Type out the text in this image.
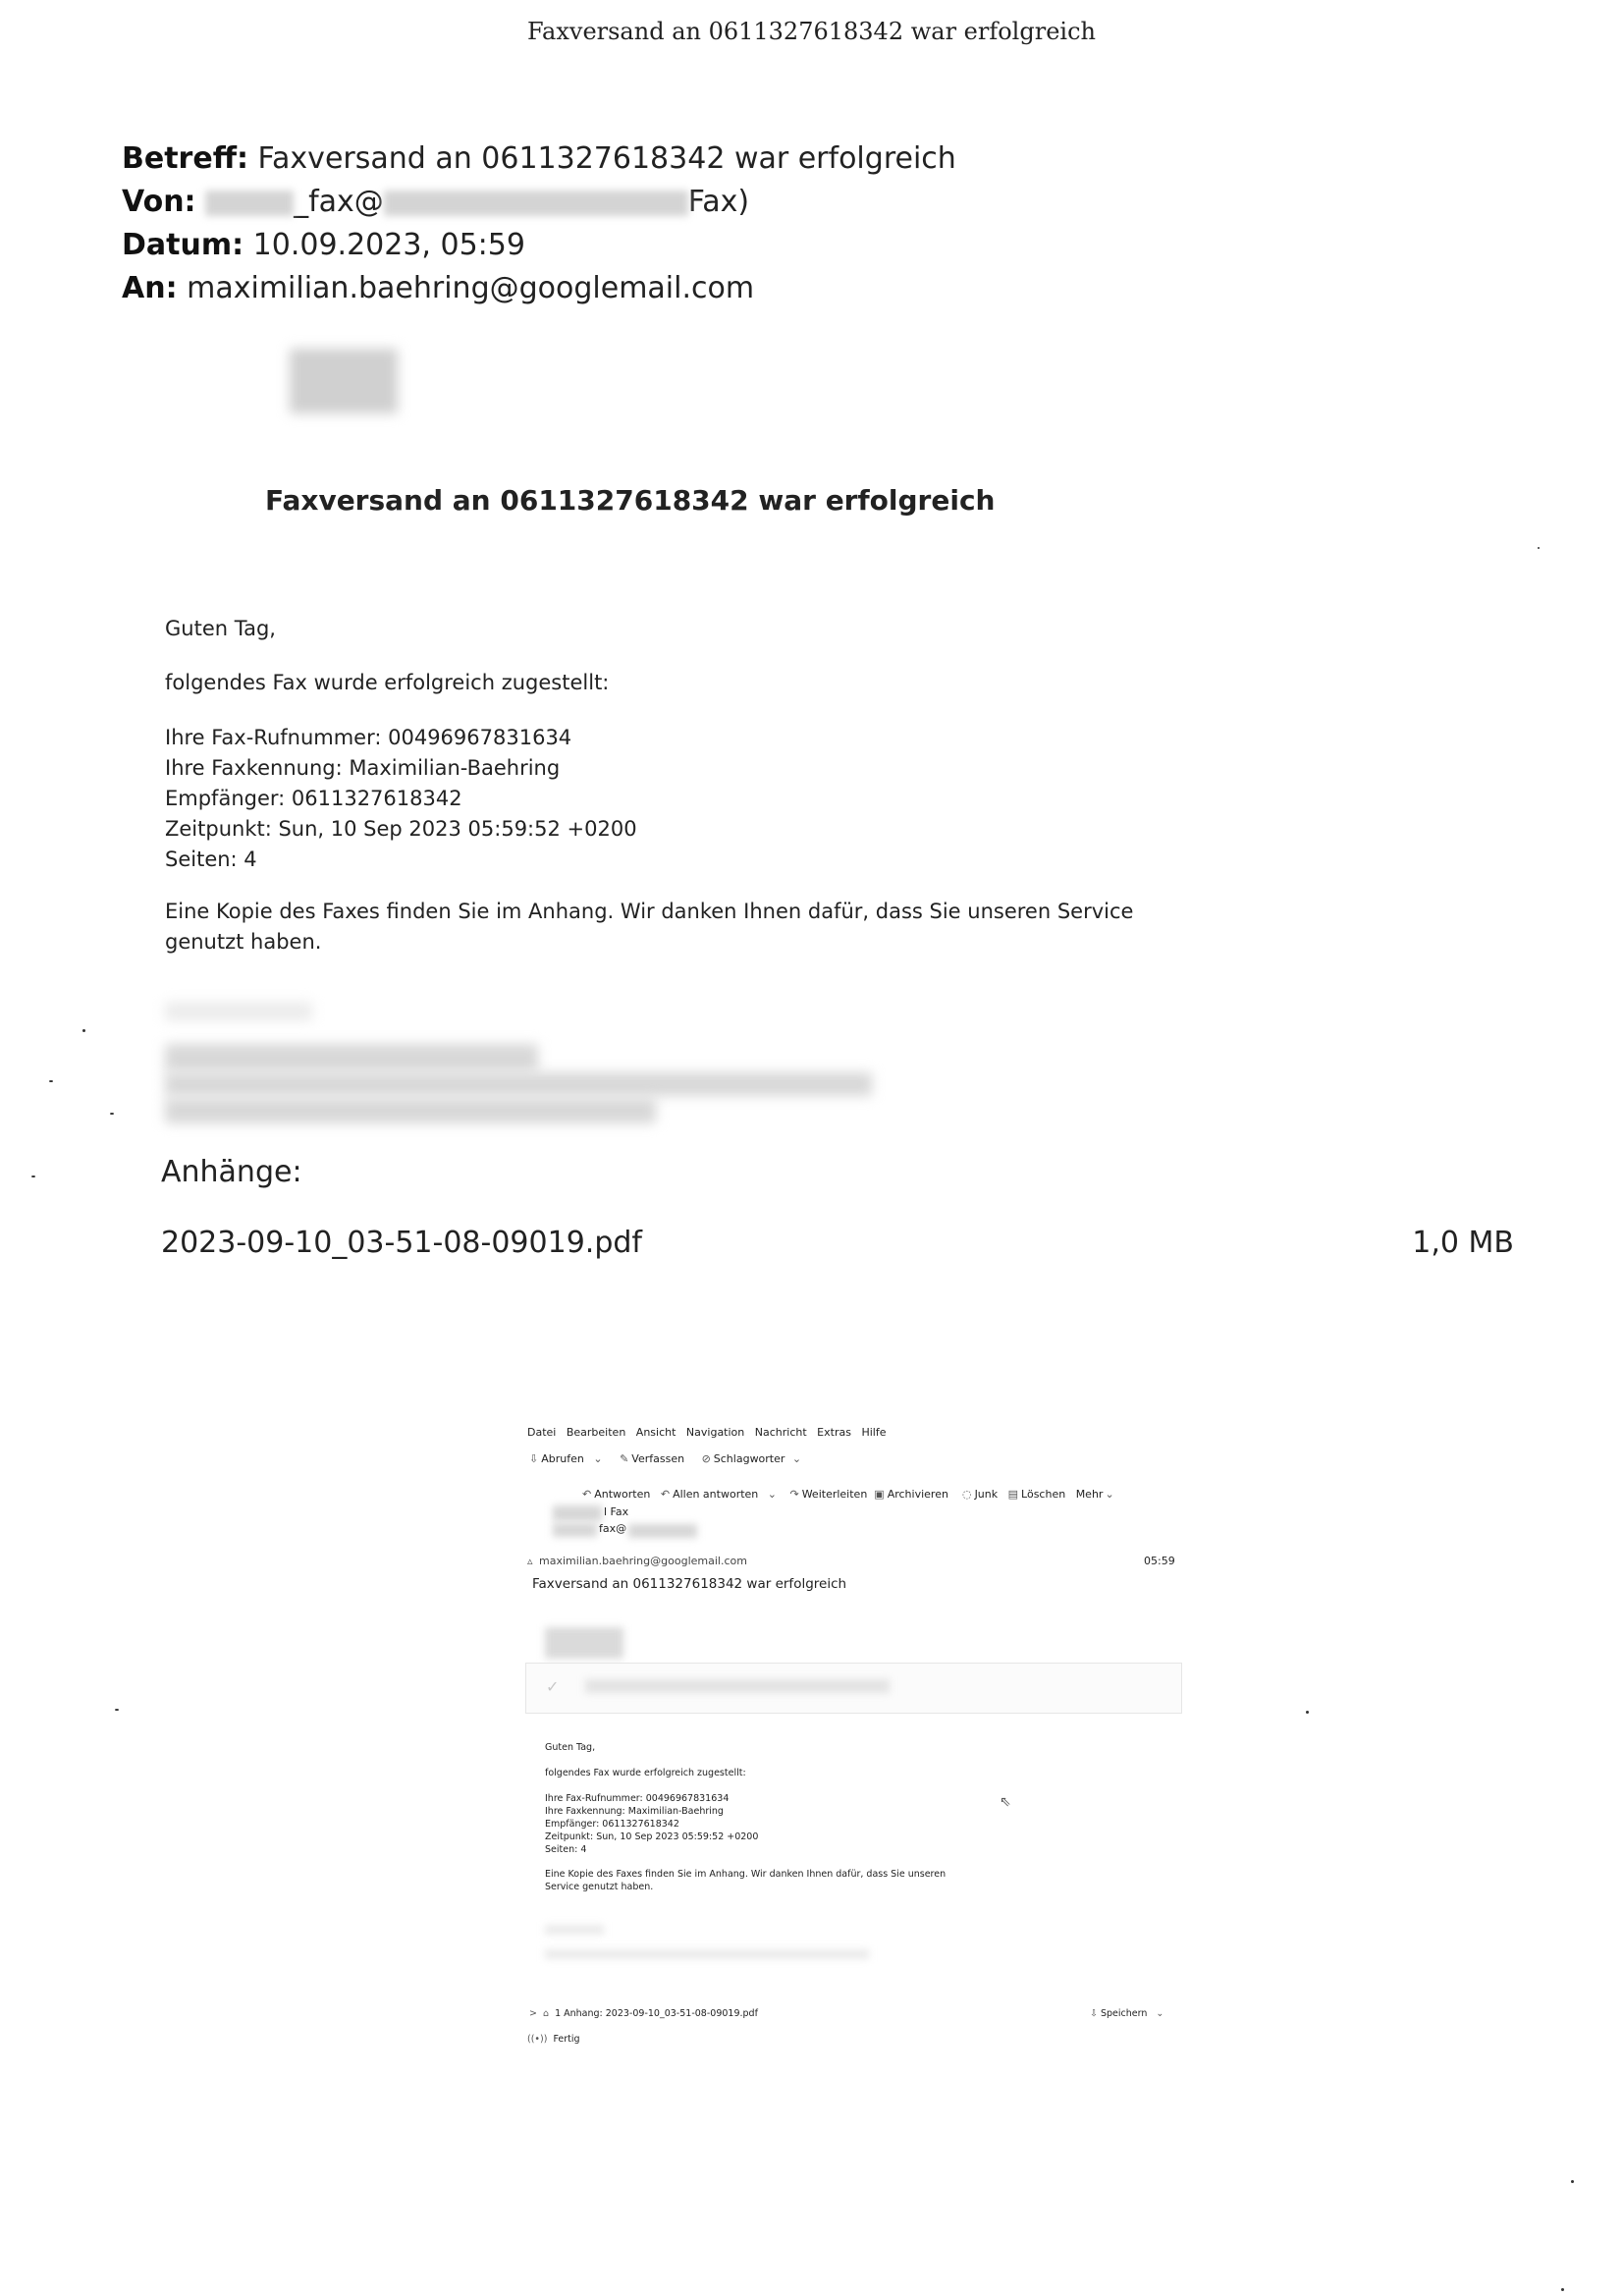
Faxversand an 0611327618342 war erfolgreich
Betreff: Faxversand an 0611327618342 war erfolgreich
Von:	_fax@	Fax)
Datum: 10.09.2023, 05:59
An: maximilian.baehring@googlemail.com
Faxversand an 0611327618342 war erfolgreich
Guten Tag,
folgendes Fax wurde erfolgreich zugestellt:
Ihre Fax-Rufnummer: 00496967831634
Ihre Faxkennung: Maximilian-Baehring
Empfänger: 0611327618342
Zeitpunkt: Sun, 10 Sep 2023 05:59:52 +0200
Seiten: 4
Eine Kopie des Faxes finden Sie im Anhang. Wir danken Ihnen dafür, dass Sie unseren Service genutzt haben.
Anhänge:
2023-09-10_03-51-08-09019.pdf	1,0 MB
Datei Bearbeiten Ansicht Navigation Nachricht Extras Hilfe
⇩ Abrufen ⌄ ✎ Verfassen ⊘ Schlagworter ⌄
↶ Antworten ↶ Allen antworten ⌄ ↷ Weiterleiten ▣ Archivieren ◌ Junk ▤ Löschen Mehr ⌄
l Fax
fax@
▵ maximilian.baehring@googlemail.com	05:59
Faxversand an 0611327618342 war erfolgreich
✓
Guten Tag,
folgendes Fax wurde erfolgreich zugestellt:
Ihre Fax-Rufnummer: 00496967831634
Ihre Faxkennung: Maximilian-Baehring
Empfänger: 0611327618342
Zeitpunkt: Sun, 10 Sep 2023 05:59:52 +0200
Seiten: 4
Eine Kopie des Faxes finden Sie im Anhang. Wir danken Ihnen dafür, dass Sie unseren
Service genutzt haben.
⇖
> ⌂ 1 Anhang: 2023-09-10_03-51-08-09019.pdf	⇩ Speichern ⌄
((•)) Fertig
